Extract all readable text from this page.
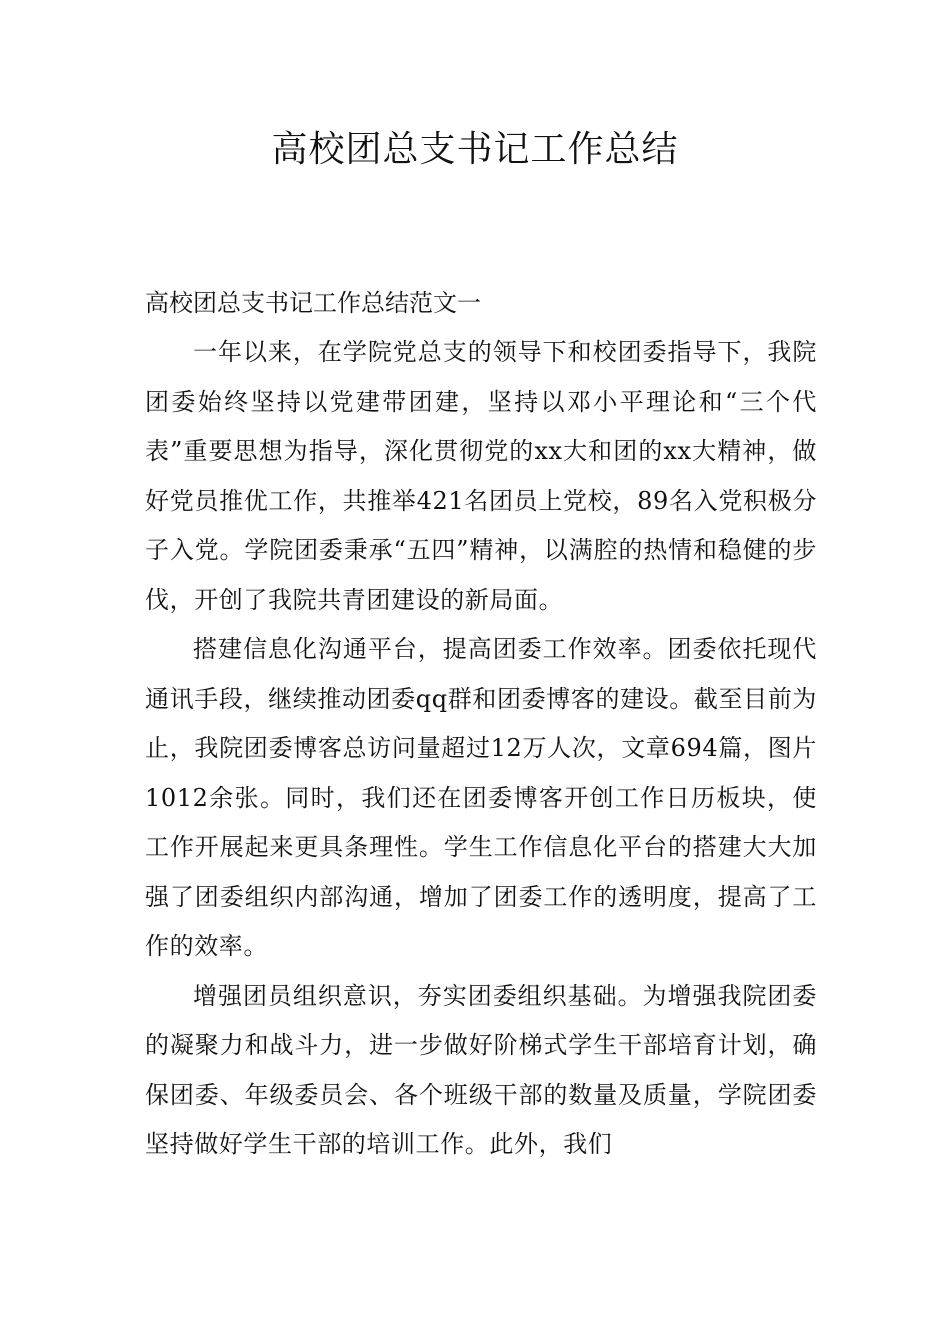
高校团总支书记工作总结

高校团总支书记工作总结范文一

一年以来，在学院党总支的领导下和校团委指导下，我院团委始终坚持以党建带团建，坚持以邓小平理论和“三个代表”重要思想为指导，深化贯彻党的xx大和团的xx大精神，做好党员推优工作，共推举421名团员上党校，89名入党积极分子入党。学院团委秉承“五四”精神，以满腔的热情和稳健的步伐，开创了我院共青团建设的新局面。

搭建信息化沟通平台，提高团委工作效率。团委依托现代通讯手段，继续推动团委qq群和团委博客的建设。截至目前为止，我院团委博客总访问量超过12万人次，文章694篇，图片1012余张。同时，我们还在团委博客开创工作日历板块，使工作开展起来更具条理性。学生工作信息化平台的搭建大大加强了团委组织内部沟通，增加了团委工作的透明度，提高了工作的效率。

增强团员组织意识，夯实团委组织基础。为增强我院团委的凝聚力和战斗力，进一步做好阶梯式学生干部培育计划，确保团委、年级委员会、各个班级干部的数量及质量，学院团委坚持做好学生干部的培训工作。此外，我们
